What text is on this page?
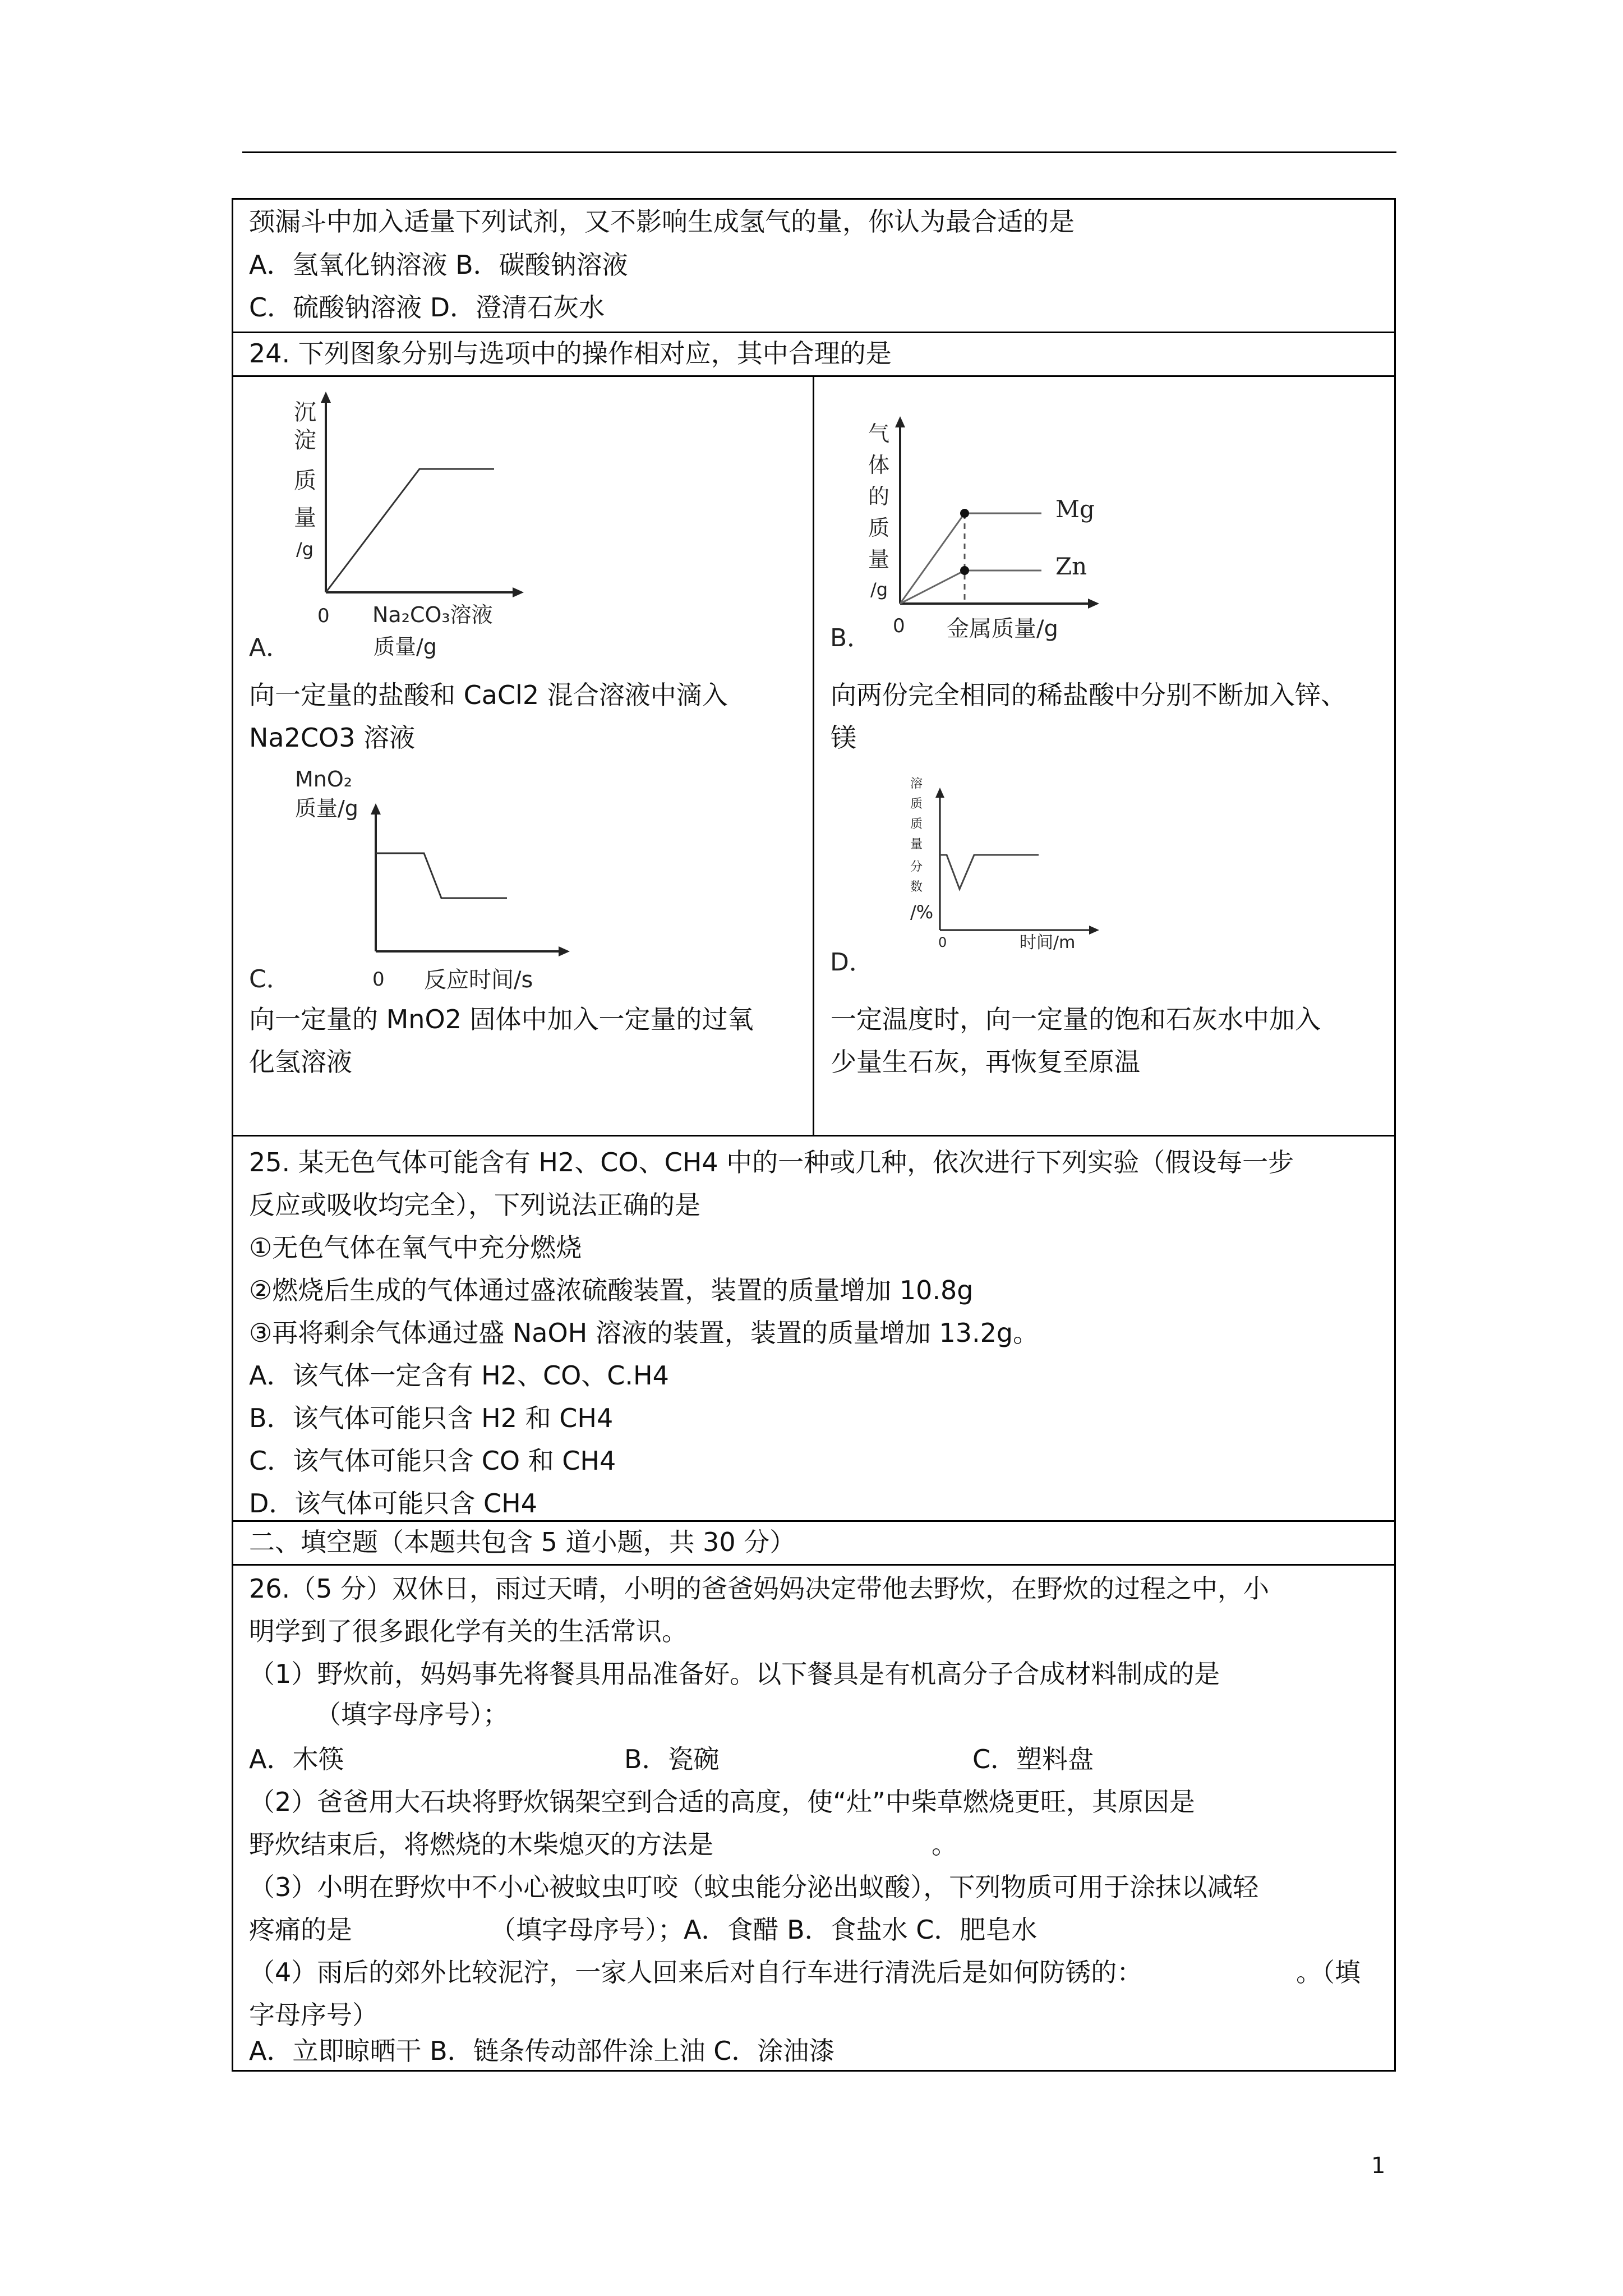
颈漏斗中加入适量下列试剂，又不影响生成氢气的量，你认为最合适的是
A．氢氧化钠溶液 B．碳酸钠溶液
C．硫酸钠溶液 D．澄清石灰水
24. 下列图象分别与选项中的操作相对应，其中合理的是
沉
淀
质
量
/g
0 Na₂CO₃溶液
质量/g
A．
向一定量的盐酸和 CaCl2 混合溶液中滴入
Na2CO3 溶液
气
体
的
质
量
/g
Mg
Zn
0 金属质量/g
B．
向两份完全相同的稀盐酸中分别不断加入锌、
镁
MnO₂
质量/g
0 反应时间/s
C．
向一定量的 MnO2 固体中加入一定量的过氧
化氢溶液
溶
质
质
量
分
数
/%
0	时间/m
D．
一定温度时，向一定量的饱和石灰水中加入
少量生石灰，再恢复至原温
25. 某无色气体可能含有 H2、CO、CH4 中的一种或几种，依次进行下列实验（假设每一步
反应或吸收均完全），下列说法正确的是
①无色气体在氧气中充分燃烧
②燃烧后生成的气体通过盛浓硫酸装置，装置的质量增加 10.8g
③再将剩余气体通过盛 NaOH 溶液的装置，装置的质量增加 13.2g。
A．该气体一定含有 H2、CO、C.H4
B．该气体可能只含 H2 和 CH4
C．该气体可能只含 CO 和 CH4
D．该气体可能只含 CH4
二、填空题（本题共包含 5 道小题，共 30 分）
26.（5 分）双休日，雨过天晴，小明的爸爸妈妈决定带他去野炊，在野炊的过程之中，小
明学到了很多跟化学有关的生活常识。
（1）野炊前，妈妈事先将餐具用品准备好。以下餐具是有机高分子合成材料制成的是
（填字母序号）；
A．木筷	B．瓷碗	C．塑料盘
（2）爸爸用大石块将野炊锅架空到合适的高度，使“灶”中柴草燃烧更旺，其原因是
野炊结束后，将燃烧的木柴熄灭的方法是	。
（3）小明在野炊中不小心被蚊虫叮咬（蚊虫能分泌出蚁酸），下列物质可用于涂抹以减轻
疼痛的是	（填字母序号）；A．食醋 B．食盐水 C．肥皂水
（4）雨后的郊外比较泥泞，一家人回来后对自行车进行清洗后是如何防锈的：	。（填
字母序号）
A．立即晾晒干 B．链条传动部件涂上油 C．涂油漆
1
